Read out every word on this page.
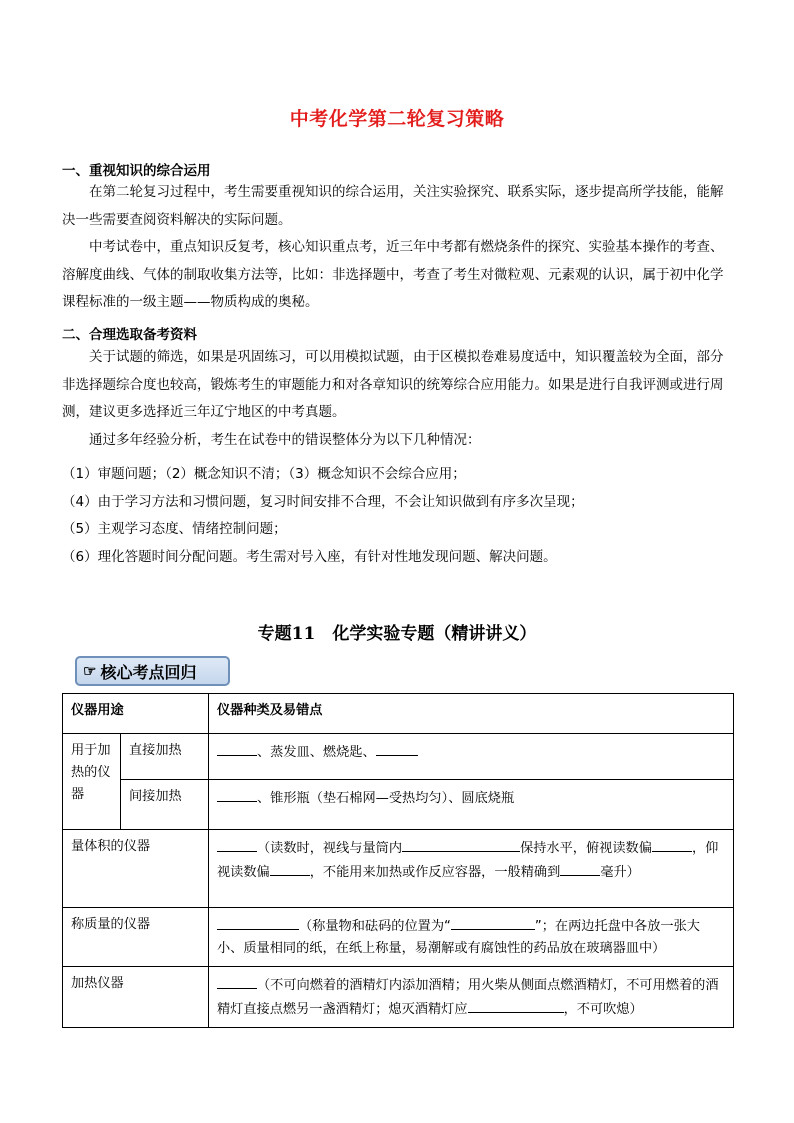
中考化学第二轮复习策略
一、重视知识的综合运用
在第二轮复习过程中，考生需要重视知识的综合运用，关注实验探究、联系实际，逐步提高所学技能，能解决一些需要查阅资料解决的实际问题。
中考试卷中，重点知识反复考，核心知识重点考，近三年中考都有燃烧条件的探究、实验基本操作的考查、溶解度曲线、气体的制取收集方法等，比如：非选择题中，考查了考生对微粒观、元素观的认识，属于初中化学课程标准的一级主题——物质构成的奥秘。
二、合理选取备考资料
关于试题的筛选，如果是巩固练习，可以用模拟试题，由于区模拟卷难易度适中，知识覆盖较为全面，部分非选择题综合度也较高，锻炼考生的审题能力和对各章知识的统筹综合应用能力。如果是进行自我评测或进行周测，建议更多选择近三年辽宁地区的中考真题。
通过多年经验分析，考生在试卷中的错误整体分为以下几种情况：
（1）审题问题；（2）概念知识不清；（3）概念知识不会综合应用；
（4）由于学习方法和习惯问题，复习时间安排不合理，不会让知识做到有序多次呈现；
（5）主观学习态度、情绪控制问题；
（6）理化答题时间分配问题。考生需对号入座，有针对性地发现问题、解决问题。
专题11　化学实验专题（精讲讲义）
☞ 核心考点回归
仪器用途		仪器种类及易错点
用于加热的仪器	直接加热	、蒸发皿、燃烧匙、
	间接加热	、锥形瓶（垫石棉网—受热均匀）、圆底烧瓶
量体积的仪器		（读数时，视线与量筒内 保持水平，俯视读数偏 ，仰视读数偏 ，不能用来加热或作反应容器，一般精确到 毫升）
称质量的仪器		（称量物和砝码的位置为“ ”；在两边托盘中各放一张大小、质量相同的纸，在纸上称量，易潮解或有腐蚀性的药品放在玻璃器皿中）
加热仪器		（不可向燃着的酒精灯内添加酒精；用火柴从侧面点燃酒精灯，不可用燃着的酒精灯直接点燃另一盏酒精灯；熄灭酒精灯应 ，不可吹熄）
